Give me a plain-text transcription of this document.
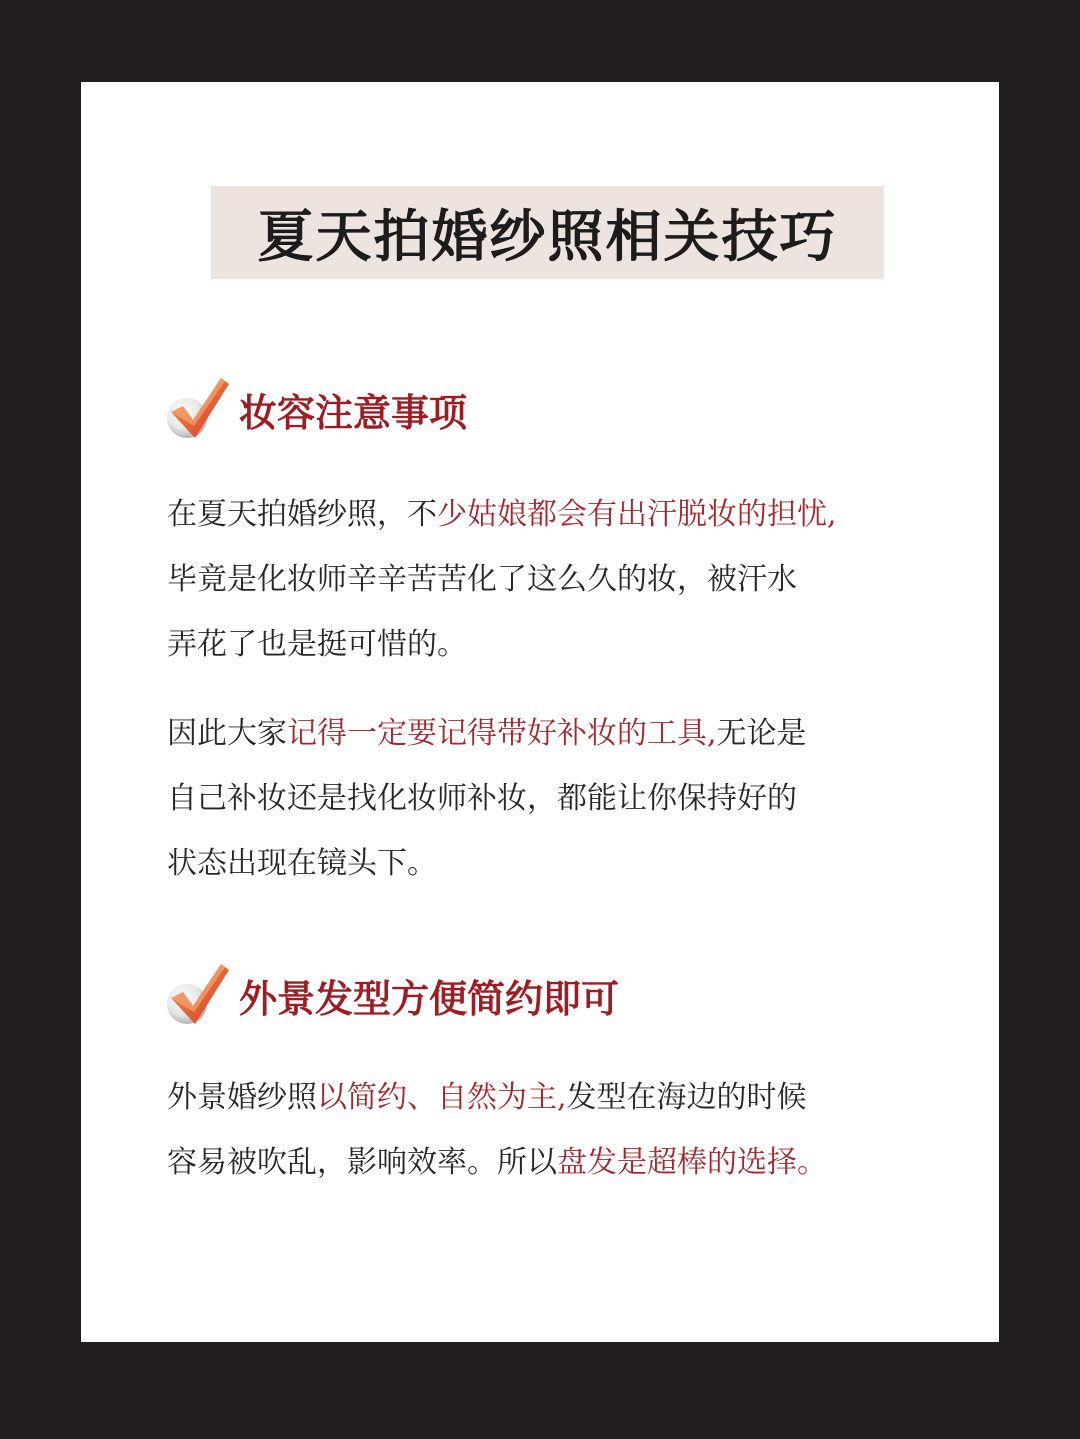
夏天拍婚纱照相关技巧
妆容注意事项

在夏天拍婚纱照，不少姑娘都会有出汗脱妆的担忧,
毕竟是化妆师辛辛苦苦化了这么久的妆，被汗水
弄花了也是挺可惜的。

因此大家记得一定要记得带好补妆的工具,无论是
自己补妆还是找化妆师补妆，都能让你保持好的
状态出现在镜头下。

外景发型方便简约即可

外景婚纱照以简约、自然为主,发型在海边的时候
容易被吹乱，影响效率。所以盘发是超棒的选择。
